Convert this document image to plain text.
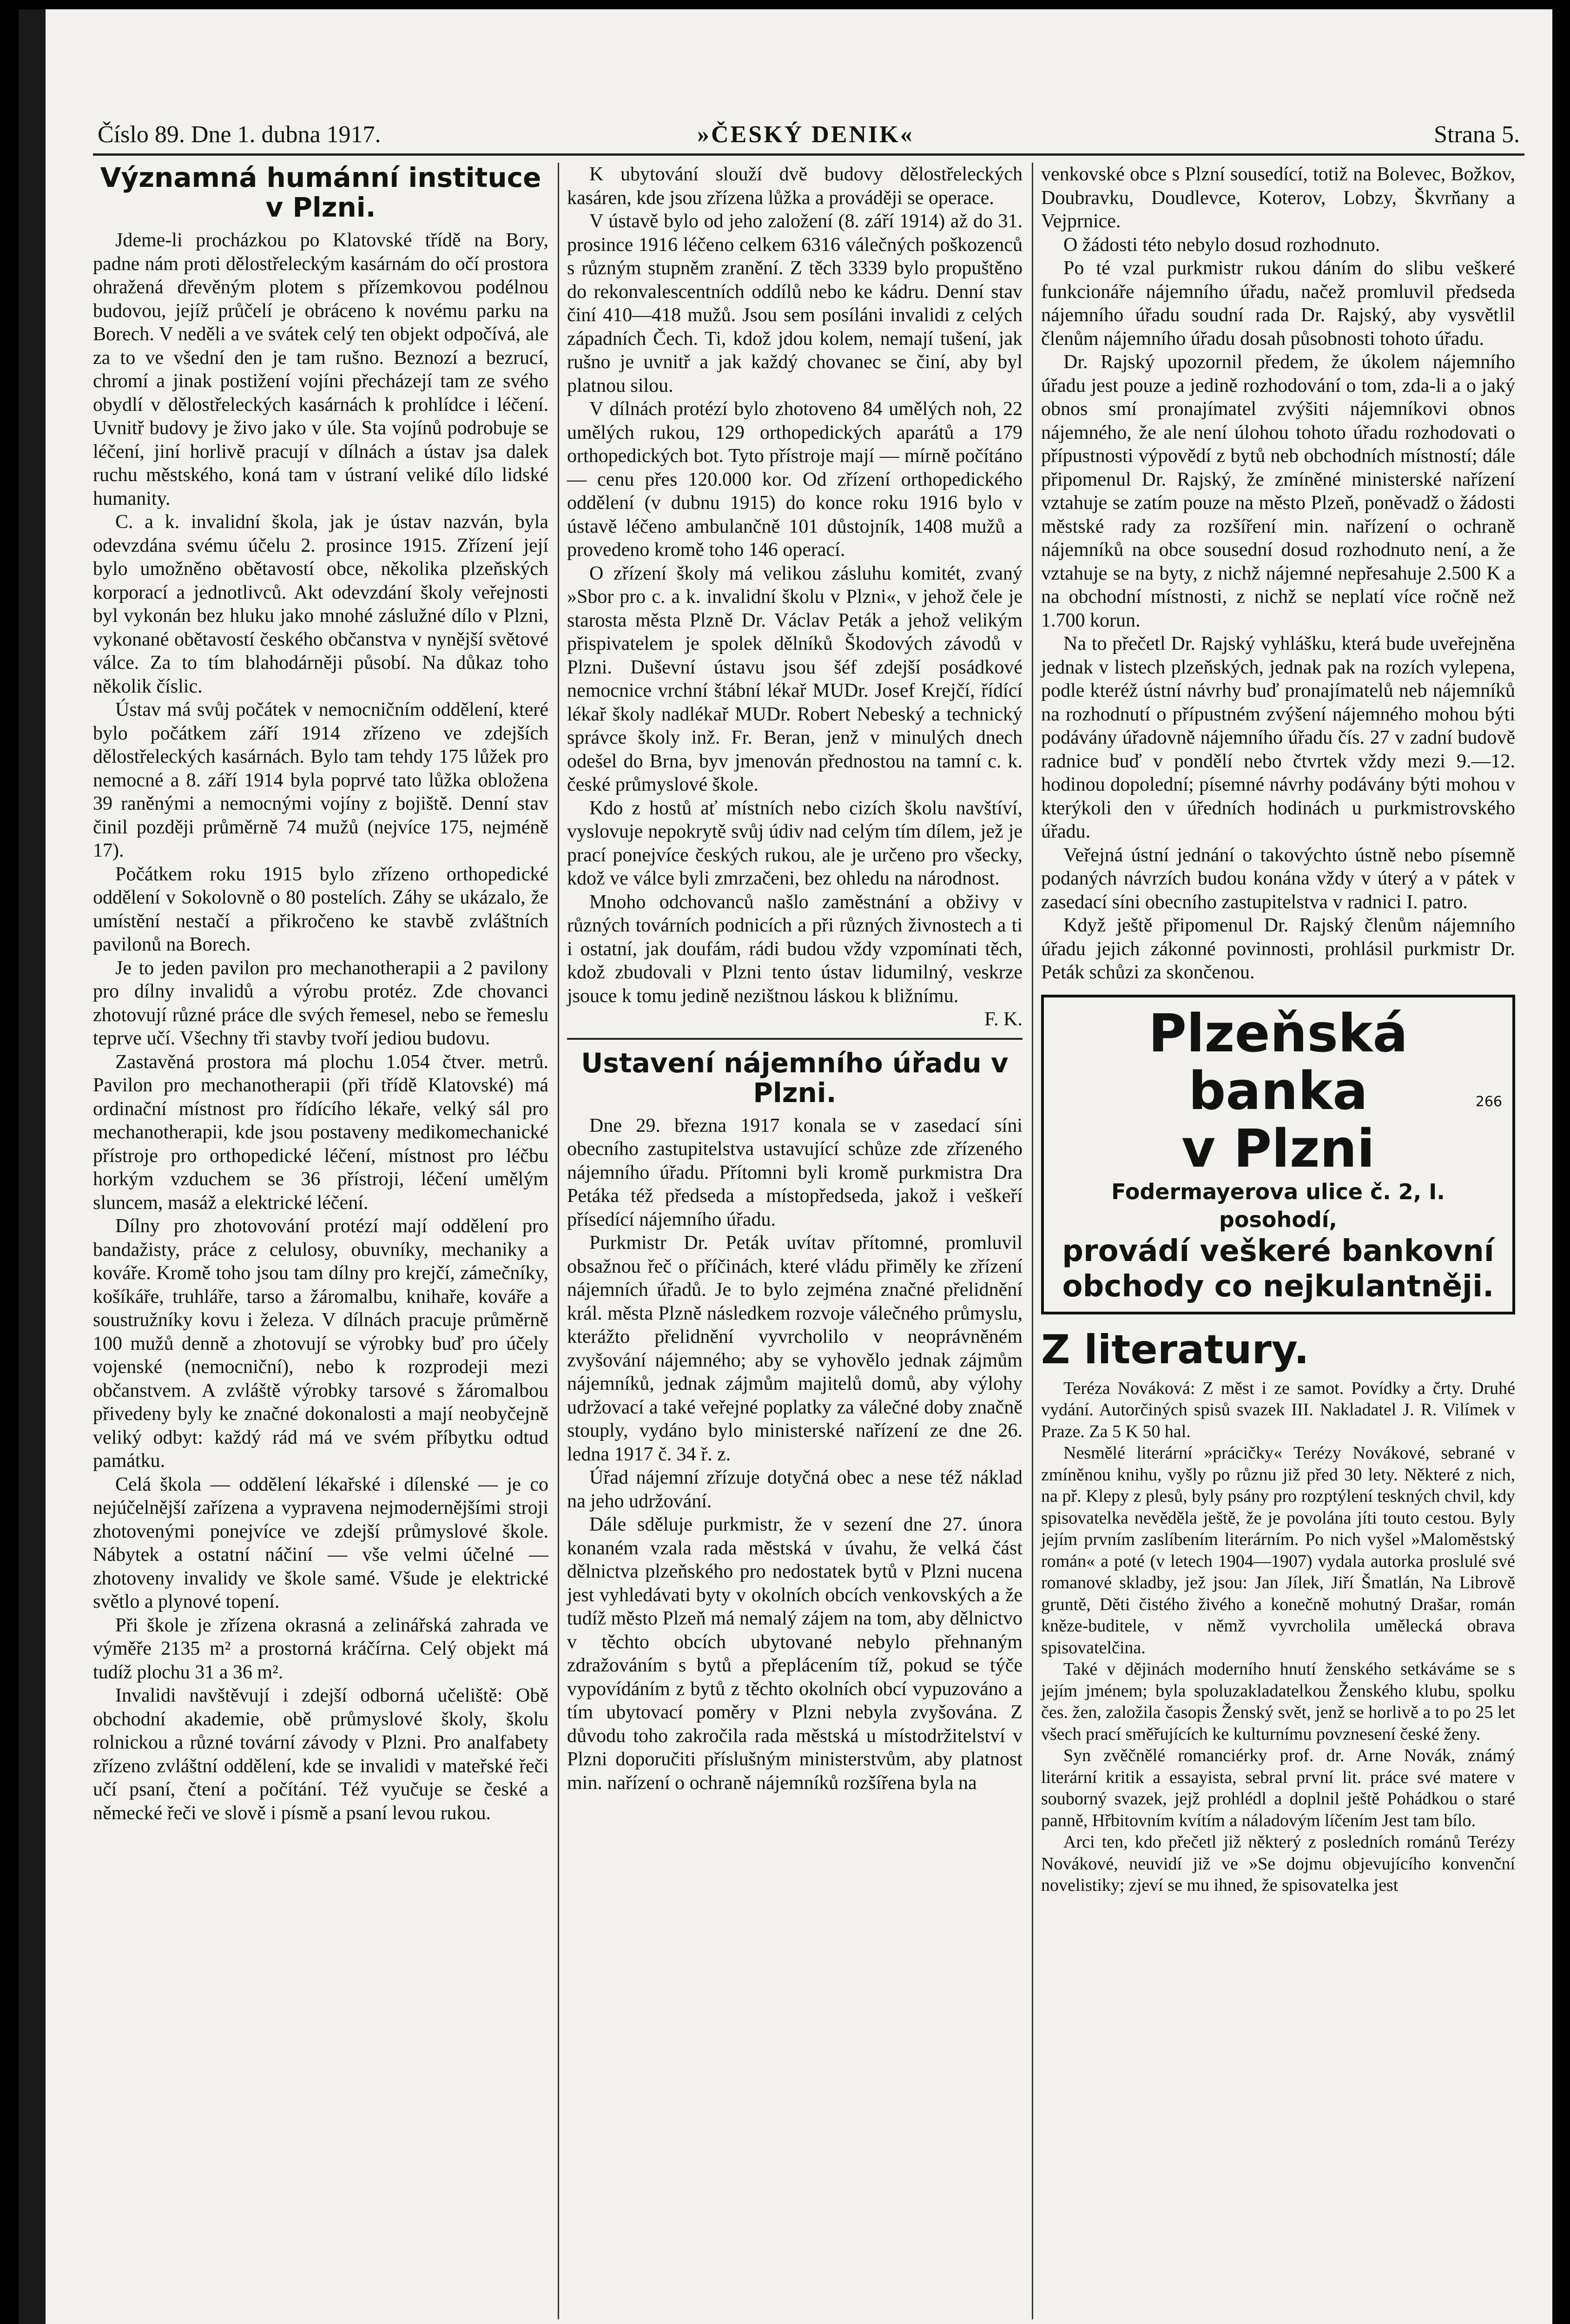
Číslo 89. Dne 1. dubna 1917.	»ČESKÝ DENIK«	Strana 5.
Významná humánní instituce v Plzni.

Jdeme-li procházkou po Klatovské třídě na Bory, padne nám proti dělostřeleckým kasárnám do očí prostora ohražená dřevěným plotem s přízemkovou podélnou budovou, jejíž průčelí je obráceno k novému parku na Borech. V neděli a ve svátek celý ten objekt odpočívá, ale za to ve všední den je tam rušno. Beznozí a bezrucí, chromí a jinak postižení vojíni přecházejí tam ze svého obydlí v dělostřeleckých kasárnách k prohlídce i léčení. Uvnitř budovy je živo jako v úle. Sta vojínů podrobuje se léčení, jiní horlivě pracují v dílnách a ústav jsa dalek ruchu městského, koná tam v ústraní veliké dílo lidské humanity.

C. a k. invalidní škola, jak je ústav nazván, byla odevzdána svému účelu 2. prosince 1915. Zřízení její bylo umožněno obětavostí obce, několika plzeňských korporací a jednotlivců. Akt odevzdání školy veřejnosti byl vykonán bez hluku jako mnohé záslužné dílo v Plzni, vykonané obětavostí českého občanstva v nynější světové válce. Za to tím blahodárněji působí. Na důkaz toho několik číslic.

Ústav má svůj počátek v nemocničním oddělení, které bylo počátkem září 1914 zřízeno ve zdejších dělostřeleckých kasárnách. Bylo tam tehdy 175 lůžek pro nemocné a 8. září 1914 byla poprvé tato lůžka obložena 39 raněnými a nemocnými vojíny z bojiště. Denní stav činil později průměrně 74 mužů (nejvíce 175, nejméně 17).

Počátkem roku 1915 bylo zřízeno orthopedické oddělení v Sokolovně o 80 postelích. Záhy se ukázalo, že umístění nestačí a přikročeno ke stavbě zvláštních pavilonů na Borech.

Je to jeden pavilon pro mechanotherapii a 2 pavilony pro dílny invalidů a výrobu protéz. Zde chovanci zhotovují různé práce dle svých řemesel, nebo se řemeslu teprve učí. Všechny tři stavby tvoří jediou budovu.

Zastavěná prostora má plochu 1.054 čtver. metrů. Pavilon pro mechanotherapii (při třídě Klatovské) má ordinační místnost pro řídícího lékaře, velký sál pro mechanotherapii, kde jsou postaveny medikomechanické přístroje pro orthopedické léčení, místnost pro léčbu horkým vzduchem se 36 přístroji, léčení umělým sluncem, masáž a elektrické léčení.

Dílny pro zhotovování protézí mají oddělení pro bandažisty, práce z celulosy, obuvníky, mechaniky a kováře. Kromě toho jsou tam dílny pro krejčí, zámečníky, košíkáře, truhláře, tarso a žáromalbu, knihaře, kováře a soustružníky kovu i železa. V dílnách pracuje průměrně 100 mužů denně a zhotovují se výrobky buď pro účely vojenské (nemocniční), nebo k rozprodeji mezi občanstvem. A zvláště výrobky tarsové s žáromalbou přivedeny byly ke značné dokonalosti a mají neobyčejně veliký odbyt: každý rád má ve svém příbytku odtud památku.

Celá škola — oddělení lékařské i dílenské — je co nejúčelnější zařízena a vypravena nejmodernějšími stroji zhotovenými ponejvíce ve zdejší průmyslové škole. Nábytek a ostatní náčiní — vše velmi účelné — zhotoveny invalidy ve škole samé. Všude je elektrické světlo a plynové topení.

Při škole je zřízena okrasná a zelinářská zahrada ve výměře 2135 m² a prostorná kráčírna. Celý objekt má tudíž plochu 31 a 36 m².

Invalidi navštěvují i zdejší odborná učeliště: Obě obchodní akademie, obě průmyslové školy, školu rolnickou a různé tovární závody v Plzni. Pro analfabety zřízeno zvláštní oddělení, kde se invalidi v mateřské řeči učí psaní, čtení a počítání. Též vyučuje se české a německé řeči ve slově i písmě a psaní levou rukou.

K ubytování slouží dvě budovy dělostřeleckých kasáren, kde jsou zřízena lůžka a prováději se operace.

V ústavě bylo od jeho založení (8. září 1914) až do 31. prosince 1916 léčeno celkem 6316 válečných poškozenců s různým stupněm zranění. Z těch 3339 bylo propuštěno do rekonvalescentních oddílů nebo ke kádru. Denní stav činí 410—418 mužů. Jsou sem posíláni invalidi z celých západních Čech. Ti, kdož jdou kolem, nemají tušení, jak rušno je uvnitř a jak každý chovanec se činí, aby byl platnou silou.

V dílnách protézí bylo zhotoveno 84 umělých noh, 22 umělých rukou, 129 orthopedických aparátů a 179 orthopedických bot. Tyto přístroje mají — mírně počítáno — cenu přes 120.000 kor. Od zřízení orthopedického oddělení (v dubnu 1915) do konce roku 1916 bylo v ústavě léčeno ambulančně 101 důstojník, 1408 mužů a provedeno kromě toho 146 operací.

O zřízení školy má velikou zásluhu komitét, zvaný »Sbor pro c. a k. invalidní školu v Plzni«, v jehož čele je starosta města Plzně Dr. Václav Peták a jehož velikým přispivatelem je spolek dělníků Škodových závodů v Plzni. Duševní ústavu jsou šéf zdejší posádkové nemocnice vrchní štábní lékař MUDr. Josef Krejčí, řídící lékař školy nadlékař MUDr. Robert Nebeský a technický správce školy inž. Fr. Beran, jenž v minulých dnech odešel do Brna, byv jmenován přednostou na tamní c. k. české průmyslové škole.

Kdo z hostů ať místních nebo cizích školu navštíví, vyslovuje nepokrytě svůj údiv nad celým tím dílem, jež je prací ponejvíce českých rukou, ale je určeno pro všecky, kdož ve válce byli zmrzačeni, bez ohledu na národnost.

Mnoho odchovanců našlo zaměstnání a obživy v různých továrních podnicích a při různých živnostech a ti i ostatní, jak doufám, rádi budou vždy vzpomínati těch, kdož zbudovali v Plzni tento ústav lidumilný, veskrze jsouce k tomu jedině nezištnou láskou k bližnímu.

F. K.

Ustavení nájemního úřadu v Plzni.

Dne 29. března 1917 konala se v zasedací síni obecního zastupitelstva ustavující schůze zde zřízeného nájemního úřadu. Přítomni byli kromě purkmistra Dra Petáka též předseda a místopředseda, jakož i veškeří přísedící nájemního úřadu.

Purkmistr Dr. Peták uvítav přítomné, promluvil obsažnou řeč o příčinách, které vládu přiměly ke zřízení nájemních úřadů. Je to bylo zejména značné přelidnění král. města Plzně následkem rozvoje válečného průmyslu, kterážto přelidnění vyvrcholilo v neoprávněném zvyšování nájemného; aby se vyhovělo jednak zájmům nájemníků, jednak zájmům majitelů domů, aby výlohy udržovací a také veřejné poplatky za válečné doby značně stouply, vydáno bylo ministerské nařízení ze dne 26. ledna 1917 č. 34 ř. z.

Úřad nájemní zřízuje dotyčná obec a nese též náklad na jeho udržování.

Dále sděluje purkmistr, že v sezení dne 27. února konaném vzala rada městská v úvahu, že velká část dělnictva plzeňského pro nedostatek bytů v Plzni nucena jest vyhledávati byty v okolních obcích venkovských a že tudíž město Plzeň má nemalý zájem na tom, aby dělnictvo v těchto obcích ubytované nebylo přehnaným zdražováním s bytů a přeplácením tíž, pokud se týče vypovídáním z bytů z těchto okolních obcí vypuzováno a tím ubytovací poměry v Plzni nebyla zvyšována. Z důvodu toho zakročila rada městská u místodržitelství v Plzni doporučiti příslušným ministerstvům, aby platnost min. nařízení o ochraně nájemníků rozšířena byla na

venkovské obce s Plzní sousedící, totiž na Bolevec, Božkov, Doubravku, Doudlevce, Koterov, Lobzy, Škvrňany a Vejprnice.

O žádosti této nebylo dosud rozhodnuto.

Po té vzal purkmistr rukou dáním do slibu veškeré funkcionáře nájemního úřadu, načež promluvil předseda nájemního úřadu soudní rada Dr. Rajský, aby vysvětlil členům nájemního úřadu dosah působnosti tohoto úřadu.

Dr. Rajský upozornil předem, že úkolem nájemního úřadu jest pouze a jedině rozhodování o tom, zda-li a o jaký obnos smí pronajímatel zvýšiti nájemníkovi obnos nájemného, že ale není úlohou tohoto úřadu rozhodovati o přípustnosti výpovědí z bytů neb obchodních místností; dále připomenul Dr. Rajský, že zmíněné ministerské nařízení vztahuje se zatím pouze na město Plzeň, poněvadž o žádosti městské rady za rozšíření min. nařízení o ochraně nájemníků na obce sousední dosud rozhodnuto není, a že vztahuje se na byty, z nichž nájemné nepřesahuje 2.500 K a na obchodní místnosti, z nichž se neplatí více ročně než 1.700 korun.

Na to přečetl Dr. Rajský vyhlášku, která bude uveřejněna jednak v listech plzeňských, jednak pak na rozích vylepena, podle kteréž ústní návrhy buď pronajímatelů neb nájemníků na rozhodnutí o přípustném zvýšení nájemného mohou býti podávány úřadovně nájemního úřadu čís. 27 v zadní budově radnice buď v pondělí nebo čtvrtek vždy mezi 9.—12. hodinou dopolední; písemné návrhy podávány býti mohou v kterýkoli den v úředních hodinách u purkmistrovského úřadu.

Veřejná ústní jednání o takovýchto ústně nebo písemně podaných návrzích budou konána vždy v úterý a v pátek v zasedací síni obecního zastupitelstva v radnici I. patro.

Když ještě připomenul Dr. Rajský členům nájemního úřadu jejich zákonné povinnosti, prohlásil purkmistr Dr. Peták schůzi za skončenou.

Plzeňská banka
v Plzni
266
Fodermayerova ulice č. 2, I. posohodí,
provádí veškeré bankovní
obchody co nejkulantněji.
Z literatury.

Teréza Nováková: Z měst i ze samot. Povídky a črty. Druhé vydání. Autorčiných spisů svazek III. Nakladatel J. R. Vilímek v Praze. Za 5 K 50 hal.

Nesmělé literární »prácičky« Terézy Novákové, sebrané v zmíněnou knihu, vyšly po různu již před 30 lety. Některé z nich, na př. Klepy z plesů, byly psány pro rozptýlení teskných chvil, kdy spisovatelka nevěděla ještě, že je povolána jíti touto cestou. Byly jejím prvním zaslíbením literárním. Po nich vyšel »Maloměstský román« a poté (v letech 1904—1907) vydala autorka proslulé své romanové skladby, jež jsou: Jan Jílek, Jiří Šmatlán, Na Librově gruntě, Děti čistého živého a konečně mohutný Drašar, román kněze-buditele, v němž vyvrcholila umělecká obrava spisovatelčina.

Také v dějinách moderního hnutí ženského setkáváme se s jejím jménem; byla spoluzakladatelkou Ženského klubu, spolku čes. žen, založila časopis Ženský svět, jenž se horlivě a to po 25 let všech prací směřujících ke kulturnímu povznesení české ženy.

Syn zvěčnělé romanciérky prof. dr. Arne Novák, známý literární kritik a essayista, sebral první lit. práce své matere v souborný svazek, jejž prohlédl a doplnil ještě Pohádkou o staré panně, Hřbitovním kvítím a náladovým líčením Jest tam bílo.

Arci ten, kdo přečetl již některý z posledních románů Terézy Novákové, neuvidí již ve »Se dojmu objevujícího konvenční novelistiky; zjeví se mu ihned, že spisovatelka jest
